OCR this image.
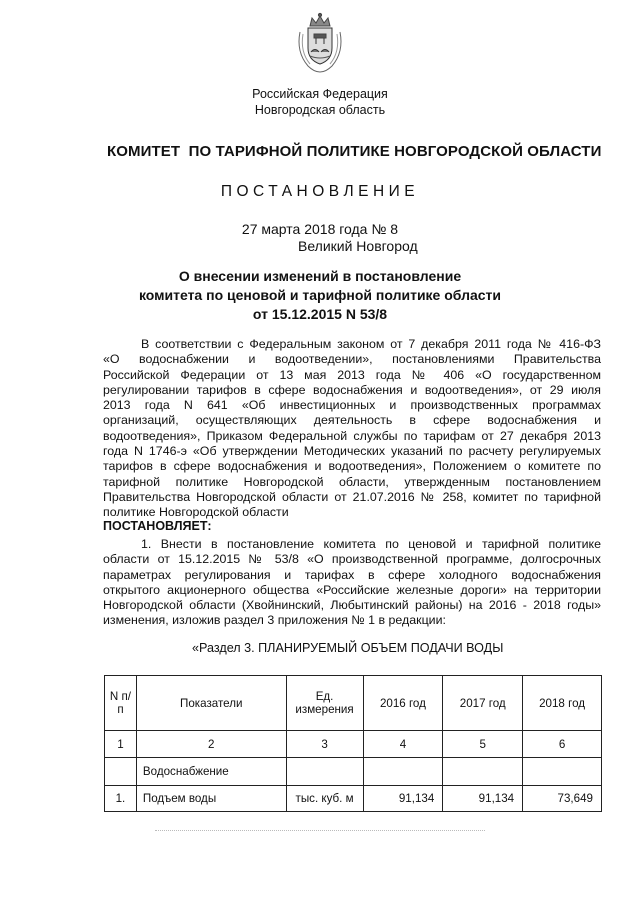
Российская Федерация
Новгородская область
КОМИТЕТ  ПО ТАРИФНОЙ ПОЛИТИКЕ НОВГОРОДСКОЙ ОБЛАСТИ
ПОСТАНОВЛЕНИЕ
27 марта 2018 года № 8
Великий Новгород
О внесении изменений в постановление
комитета по ценовой и тарифной политике области
от 15.12.2015 N 53/8
В соответствии с Федеральным законом от 7 декабря 2011 года № 416-ФЗ
«О водоснабжении и водоотведении», постановлениями Правительства
Российской Федерации от 13 мая 2013 года № 406 «О государственном
регулировании тарифов в сфере водоснабжения и водоотведения», от 29 июля
2013 года N 641 «Об инвестиционных и производственных программах
организаций, осуществляющих деятельность в сфере водоснабжения и
водоотведения», Приказом Федеральной службы по тарифам от 27 декабря 2013
года N 1746-э «Об утверждении Методических указаний по расчету регулируемых
тарифов в сфере водоснабжения и водоотведения», Положением о комитете по
тарифной политике Новгородской области, утвержденным постановлением
Правительства Новгородской области от 21.07.2016 № 258, комитет по тарифной
политике Новгородской области
ПОСТАНОВЛЯЕТ:
1. Внести в постановление комитета по ценовой и тарифной политике
области от 15.12.2015 № 53/8 «О производственной программе, долгосрочных
параметрах регулирования и тарифах в сфере холодного водоснабжения
открытого акционерного общества «Российские железные дороги» на территории
Новгородской области (Хвойнинский, Любытинский районы) на 2016 - 2018 годы»
изменения, изложив раздел 3 приложения № 1 в редакции:
«Раздел 3. ПЛАНИРУЕМЫЙ ОБЪЕМ ПОДАЧИ ВОДЫ
N п/п	Показатели	Ед. измерения	2016 год	2017 год	2018 год
1	2	3	4	5	6
	Водоснабжение				
1.	Подъем воды	тыс. куб. м	91,134	91,134	73,649
